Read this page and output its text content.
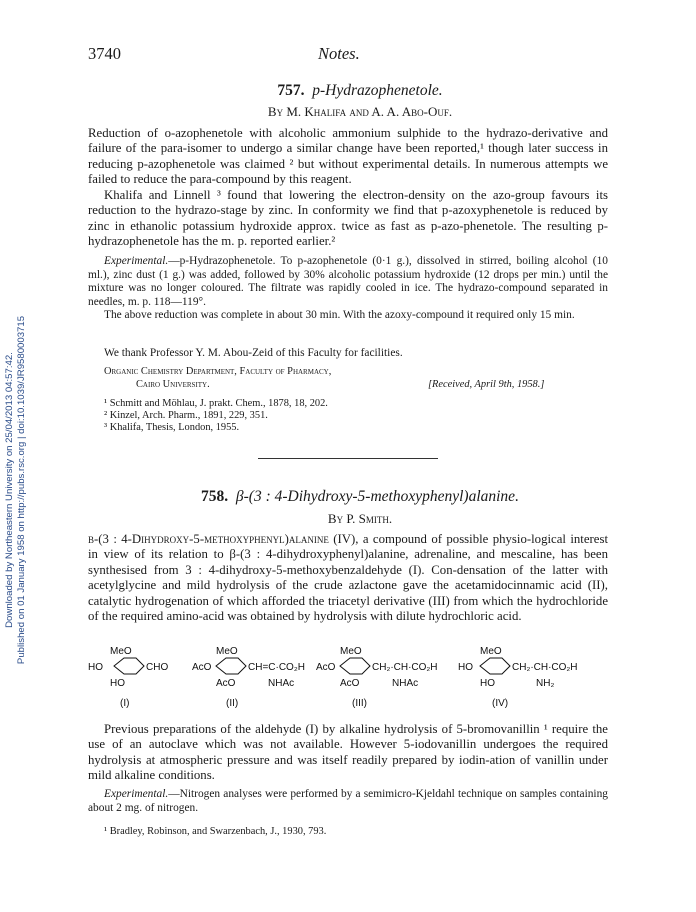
Downloaded by Northeastern University on 25/04/2013 04:57:42. Published on 01 January 1958 on http://pubs.rsc.org | doi:10.1039/JR9580003715
3740	Notes.
757. p-Hydrazophenetole.
By M. Khalifa and A. A. Abo-Ouf.
Reduction of o-azophenetole with alcoholic ammonium sulphide to the hydrazo-derivative and failure of the para-isomer to undergo a similar change have been reported,¹ though later success in reducing p-azophenetole was claimed ² but without experimental details. In numerous attempts we failed to reduce the para-compound by this reagent.
Khalifa and Linnell ³ found that lowering the electron-density on the azo-group favours its reduction to the hydrazo-stage by zinc. In conformity we find that p-azoxyphenetole is reduced by zinc in ethanolic potassium hydroxide approx. twice as fast as p-azo-phenetole. The resulting p-hydrazophenetole has the m. p. reported earlier.²
Experimental.—p-Hydrazophenetole. To p-azophenetole (0·1 g.), dissolved in stirred, boiling alcohol (10 ml.), zinc dust (1 g.) was added, followed by 30% alcoholic potassium hydroxide (12 drops per min.) until the mixture was no longer coloured. The filtrate was rapidly cooled in ice. The hydrazo-compound separated in needles, m. p. 118—119°.
The above reduction was complete in about 30 min. With the azoxy-compound it required only 15 min.
We thank Professor Y. M. Abou-Zeid of this Faculty for facilities.
Organic Chemistry Department, Faculty of Pharmacy,
Cairo University.	[Received, April 9th, 1958.]
¹ Schmitt and Möhlau, J. prakt. Chem., 1878, 18, 202.
² Kinzel, Arch. Pharm., 1891, 229, 351.
³ Khalifa, Thesis, London, 1955.
758. β-(3 : 4-Dihydroxy-5-methoxyphenyl)alanine.
By P. Smith.
β-(3 : 4-Dihydroxy-5-methoxyphenyl)alanine (IV), a compound of possible physio-logical interest in view of its relation to β-(3 : 4-dihydroxyphenyl)alanine, adrenaline, and mescaline, has been synthesised from 3 : 4-dihydroxy-5-methoxybenzaldehyde (I). Con-densation of the latter with acetylglycine and mild hydrolysis of the crude azlactone gave the acetamidocinnamic acid (II), catalytic hydrogenation of which afforded the triacetyl derivative (III) from which the hydrochloride of the required amino-acid was obtained by hydrolysis with dilute hydrochloric acid.
MeO
HO	CHO
HO
(I)
MeO
AcO	CH=C·CO₂H
AcO	NHAc
(II)
MeO
AcO	CH₂·CH·CO₂H
AcO	NHAc
(III)
MeO
HO	CH₂·CH·CO₂H
HO	NH₂
(IV)
Previous preparations of the aldehyde (I) by alkaline hydrolysis of 5-bromovanillin ¹ require the use of an autoclave which was not available. However 5-iodovanillin undergoes the required hydrolysis at atmospheric pressure and was itself readily prepared by iodin-ation of vanillin under mild alkaline conditions.
Experimental.—Nitrogen analyses were performed by a semimicro-Kjeldahl technique on samples containing about 2 mg. of nitrogen.
¹ Bradley, Robinson, and Swarzenbach, J., 1930, 793.
